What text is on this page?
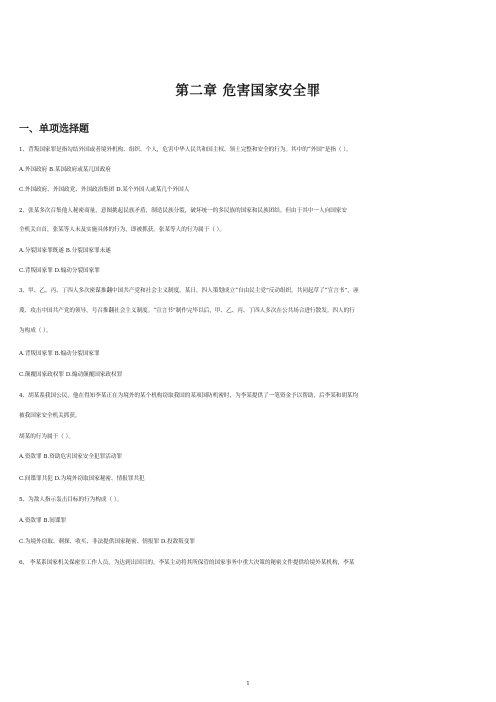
第二章 危害国家安全罪
一、单项选择题
1、背叛国家罪是指勾结外国或者境外机构、组织、个人，危害中华人民共和国主权、领土完整和安全的行为。其中的“外国”是指（ ）。
A.外国政府 B.某国政府或某几国政府
C.外国政府、外国政党、外国政治集团 D.某个外国人或某几个外国人
2、张某多次召集他人秘密商量，意图挑起民族矛盾，制造民族分裂，破坏统一的多民族的国家和民族团结。但由于其中一人向国家安
全机关自首，张某等人未及实施具体的行为，即被抓获。张某等人的行为属于（ ）。
A.分裂国家罪既遂 B.分裂国家罪未遂
C.背叛国家罪 D.煽动分裂国家罪
3、甲、乙、丙、丁四人多次密谋推翻中国共产党和社会主义制度，某日，四人策划成立“自由民主党”反动组织，共同起草了“宣言书”，诬
蔑、攻击中国共产党的领导，号召推翻社会主义制度。“宣言书”制作完毕以后，甲、乙、丙、丁四人多次在公共场合进行散发。四人的行
为构成（ ）。
A.背叛国家罪 B.煽动分裂国家罪
C.颠覆国家政权罪 D.煽动颠覆国家政权罪
4、胡某系我国公民，他在得知李某正在为境外的某个机构窃取我国的某项国防机密时，为李某提供了一笔资金予以帮助，后李某和胡某均
被我国家安全机关抓获。
胡某的行为属于（ ）。
A.资敌罪 B.资助危害国家安全犯罪活动罪
C.间谍罪共犯 D.为境外窃取国家秘密、情报罪共犯
5、为敌人指示轰击目标的行为构成（ ）。
A.资敌罪 B.间谍罪
C.为境外窃取、刺探、收买、非法提供国家秘密、情报罪 D.投敌叛变罪
6、 李某系国家机关保密室工作人员，为达到出国目的，李某主动将其所保管的国家事务中重大决策的秘密文件提供给境外某机构，李某
1
